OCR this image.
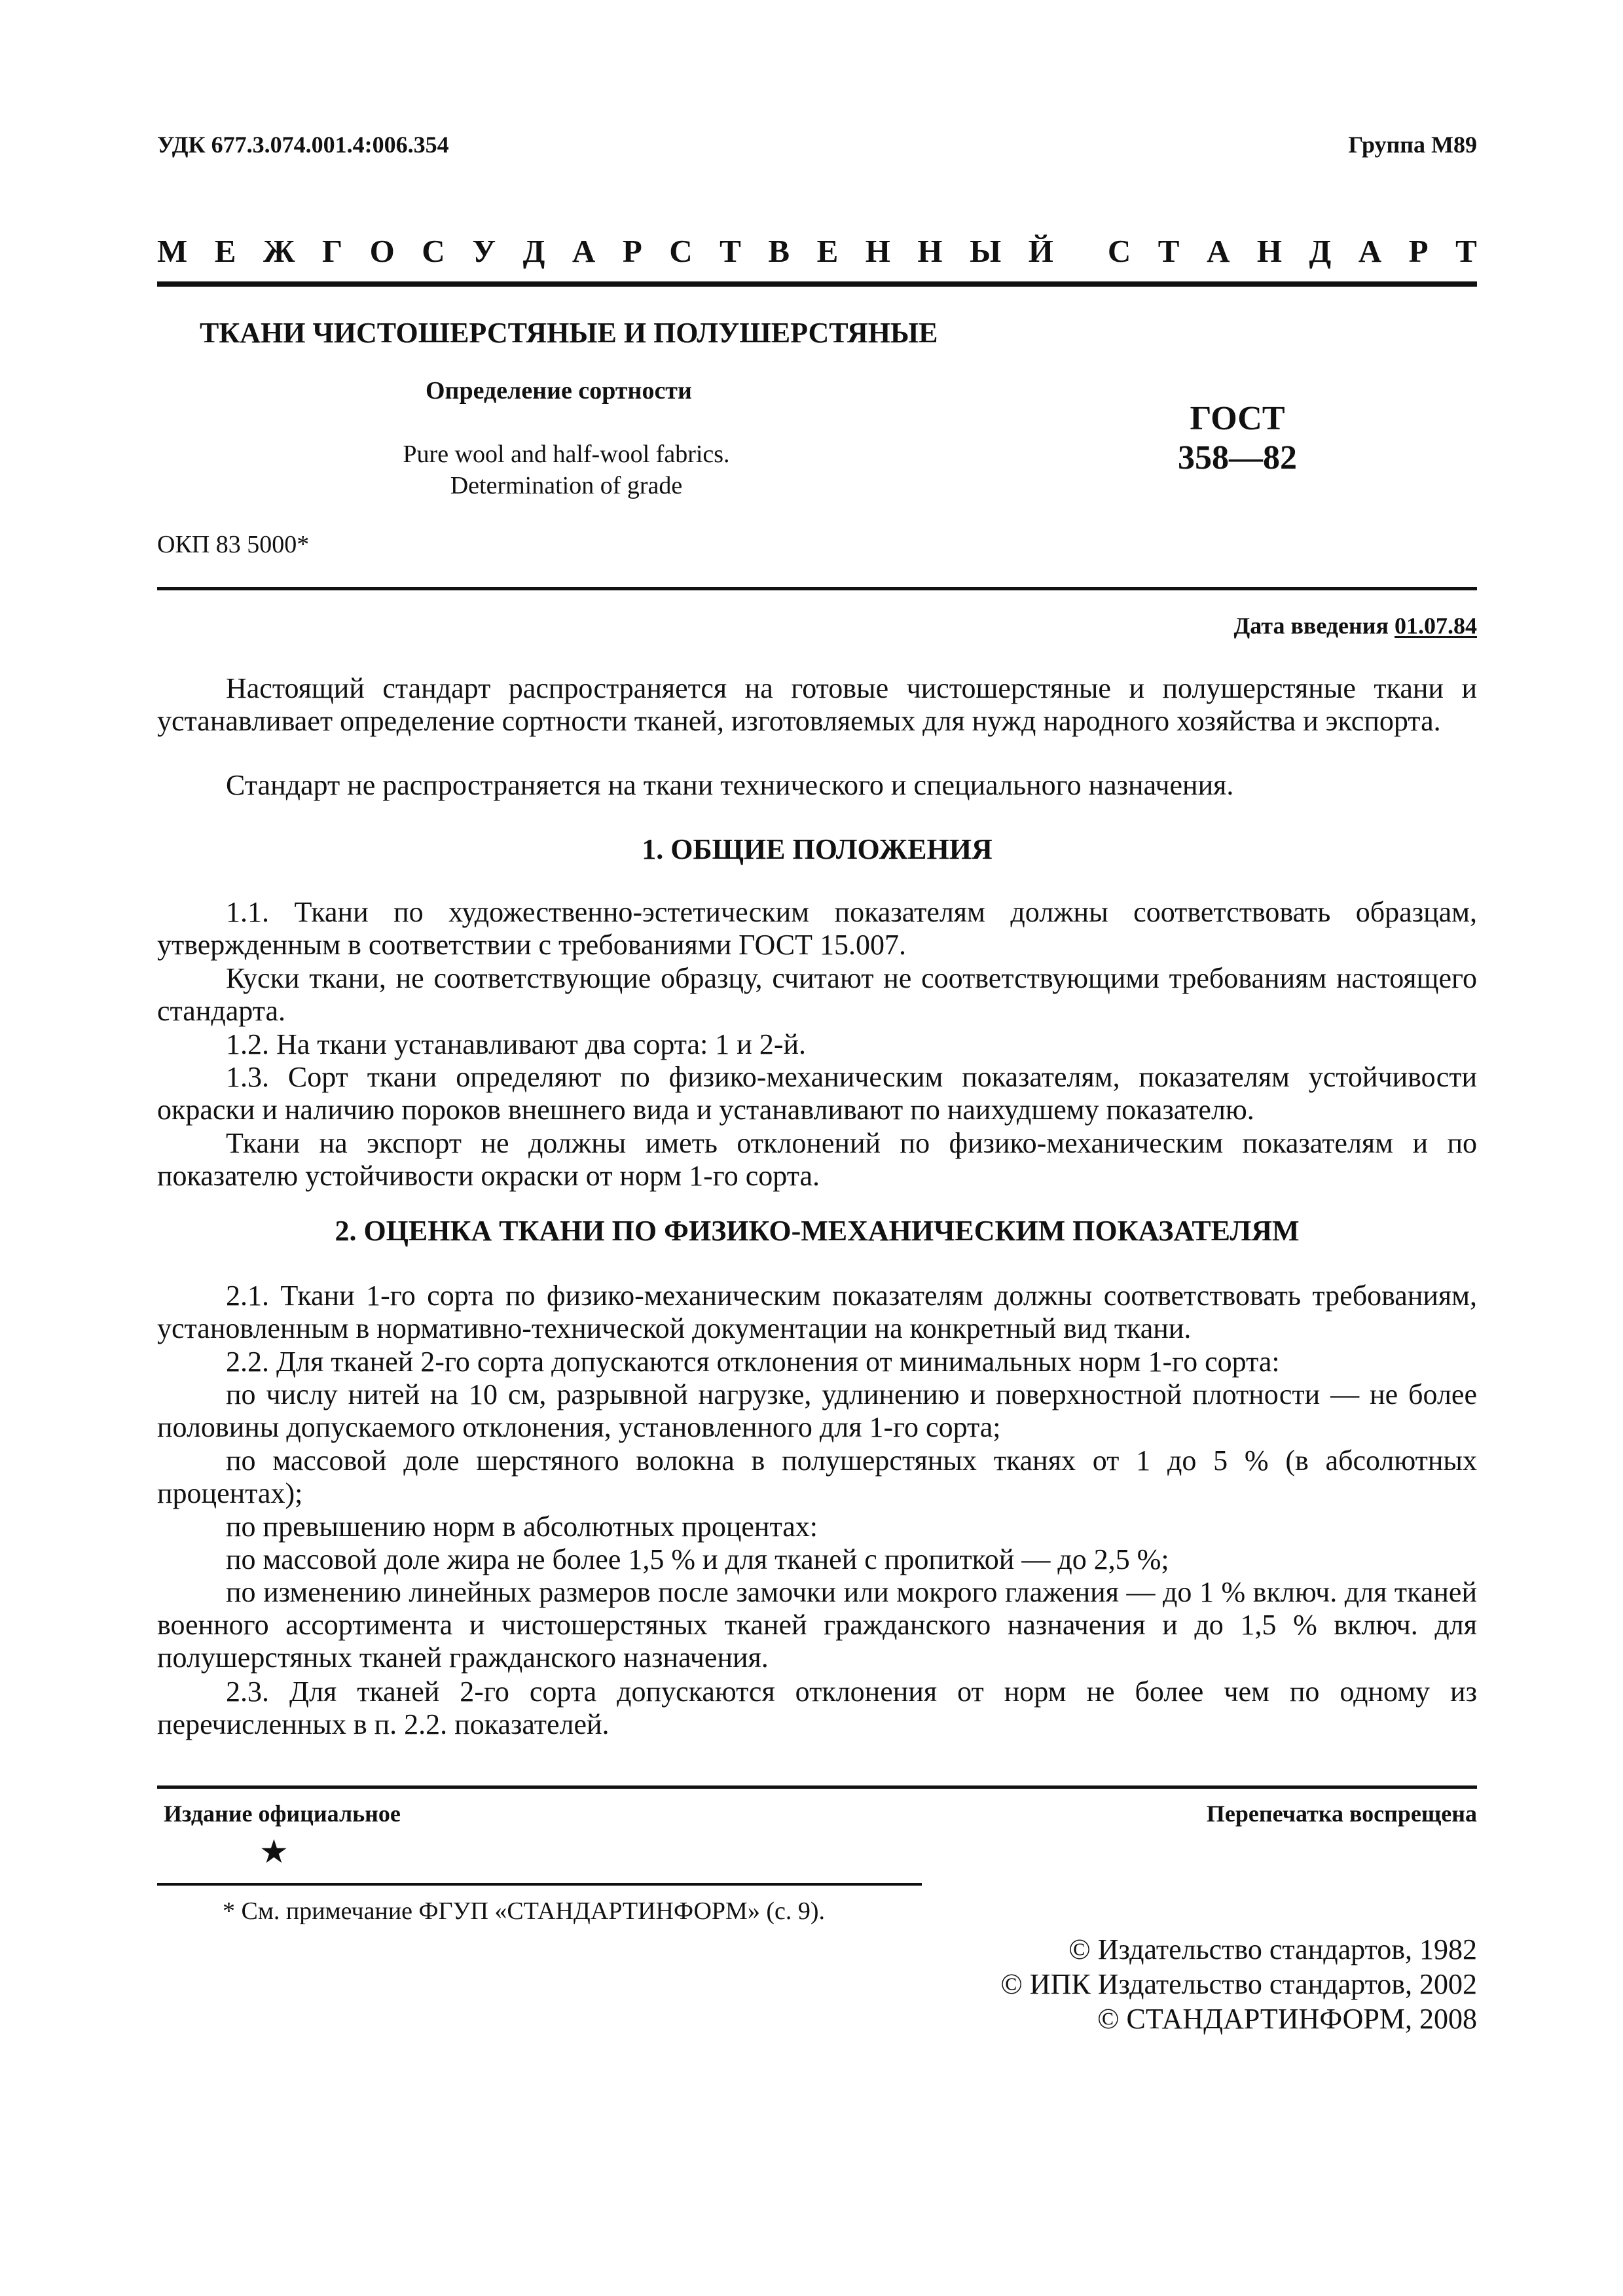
УДК 677.3.074.001.4:006.354	Группа М89
М Е Ж Г О С У Д А Р С Т В Е Н Н Ы Й С Т А Н Д А Р Т
ТКАНИ ЧИСТОШЕРСТЯНЫЕ И ПОЛУШЕРСТЯНЫЕ
Определение сортности
Pure wool and half-wool fabrics.
Determination of grade
ГОСТ
358—82
ОКП 83 5000*
Дата введения 01.07.84
Настоящий стандарт распространяется на готовые чистошерстяные и полушерстяные ткани и устанавливает определение сортности тканей, изготовляемых для нужд народного хозяйства и экспорта.
Стандарт не распространяется на ткани технического и специального назначения.
1. ОБЩИЕ ПОЛОЖЕНИЯ
1.1. Ткани по художественно-эстетическим показателям должны соответствовать образцам, утвержденным в соответствии с требованиями ГОСТ 15.007.
Куски ткани, не соответствующие образцу, считают не соответствующими требованиям настоящего стандарта.
1.2. На ткани устанавливают два сорта: 1 и 2-й.
1.3. Сорт ткани определяют по физико-механическим показателям, показателям устойчивости окраски и наличию пороков внешнего вида и устанавливают по наихудшему показателю.
Ткани на экспорт не должны иметь отклонений по физико-механическим показателям и по показателю устойчивости окраски от норм 1-го сорта.
2. ОЦЕНКА ТКАНИ ПО ФИЗИКО-МЕХАНИЧЕСКИМ ПОКАЗАТЕЛЯМ
2.1. Ткани 1-го сорта по физико-механическим показателям должны соответствовать требованиям, установленным в нормативно-технической документации на конкретный вид ткани.
2.2. Для тканей 2-го сорта допускаются отклонения от минимальных норм 1-го сорта:
по числу нитей на 10 см, разрывной нагрузке, удлинению и поверхностной плотности — не более половины допускаемого отклонения, установленного для 1-го сорта;
по массовой доле шерстяного волокна в полушерстяных тканях от 1 до 5 % (в абсолютных процентах);
по превышению норм в абсолютных процентах:
по массовой доле жира не более 1,5 % и для тканей с пропиткой — до 2,5 %;
по изменению линейных размеров после замочки или мокрого глажения — до 1 % включ. для тканей военного ассортимента и чистошерстяных тканей гражданского назначения и до 1,5 % включ. для полушерстяных тканей гражданского назначения.
2.3. Для тканей 2-го сорта допускаются отклонения от норм не более чем по одному из перечисленных в п. 2.2. показателей.
Издание официальное	Перепечатка воспрещена
★
* См. примечание ФГУП «СТАНДАРТИНФОРМ» (с. 9).
© Издательство стандартов, 1982
© ИПК Издательство стандартов, 2002
© СТАНДАРТИНФОРМ, 2008
